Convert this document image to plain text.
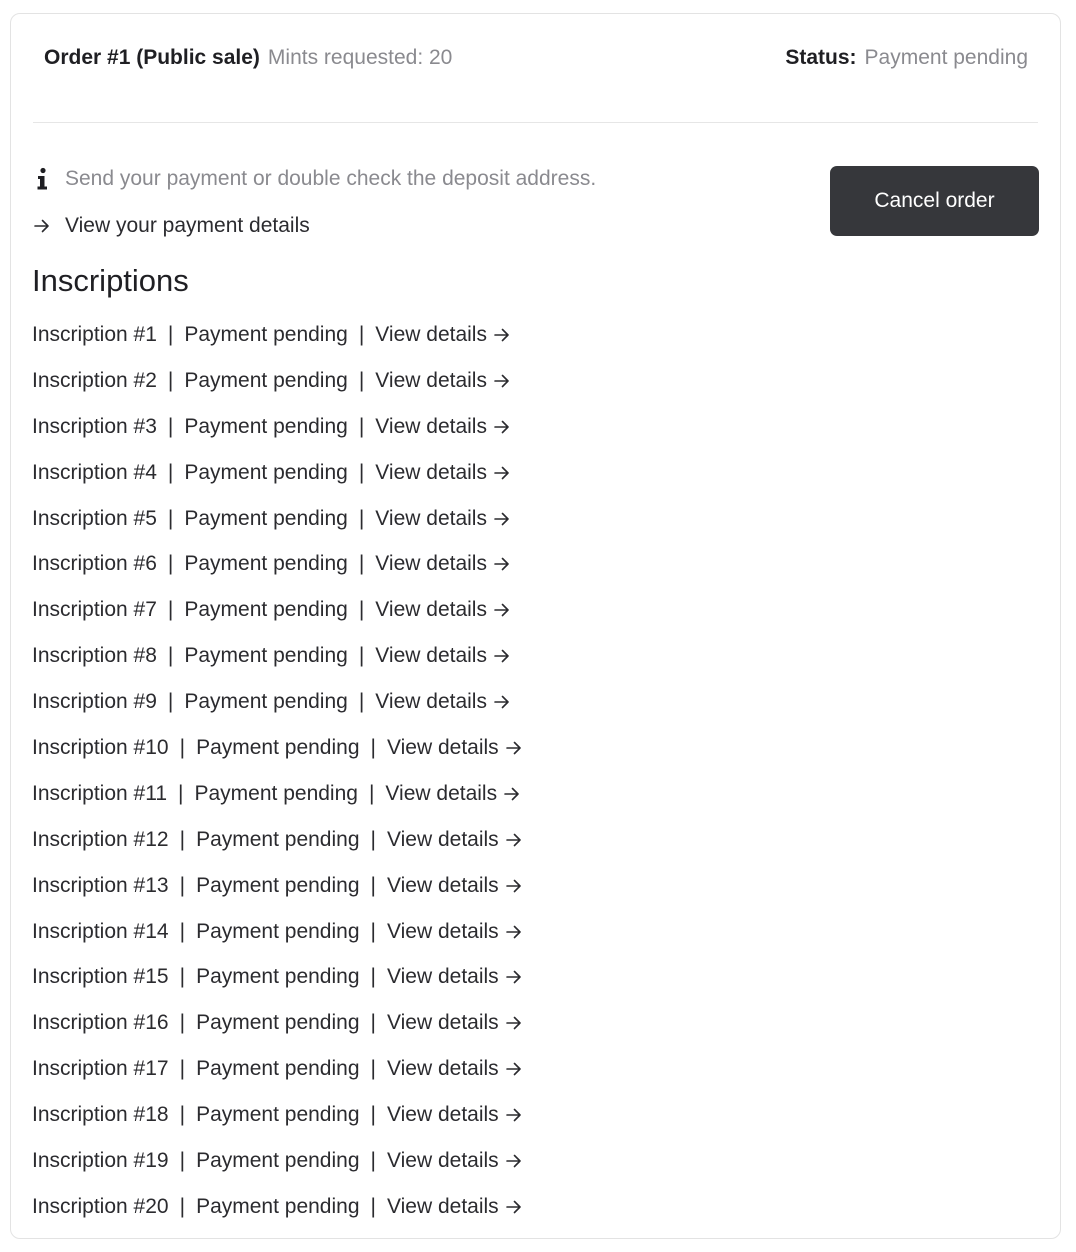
Order #1 (Public sale) Mints requested: 20	Status: Payment pending
Send your payment or double check the deposit address.
View your payment details
Cancel order
Inscriptions
Inscription #1 | Payment pending | View details
Inscription #2 | Payment pending | View details
Inscription #3 | Payment pending | View details
Inscription #4 | Payment pending | View details
Inscription #5 | Payment pending | View details
Inscription #6 | Payment pending | View details
Inscription #7 | Payment pending | View details
Inscription #8 | Payment pending | View details
Inscription #9 | Payment pending | View details
Inscription #10 | Payment pending | View details
Inscription #11 | Payment pending | View details
Inscription #12 | Payment pending | View details
Inscription #13 | Payment pending | View details
Inscription #14 | Payment pending | View details
Inscription #15 | Payment pending | View details
Inscription #16 | Payment pending | View details
Inscription #17 | Payment pending | View details
Inscription #18 | Payment pending | View details
Inscription #19 | Payment pending | View details
Inscription #20 | Payment pending | View details
